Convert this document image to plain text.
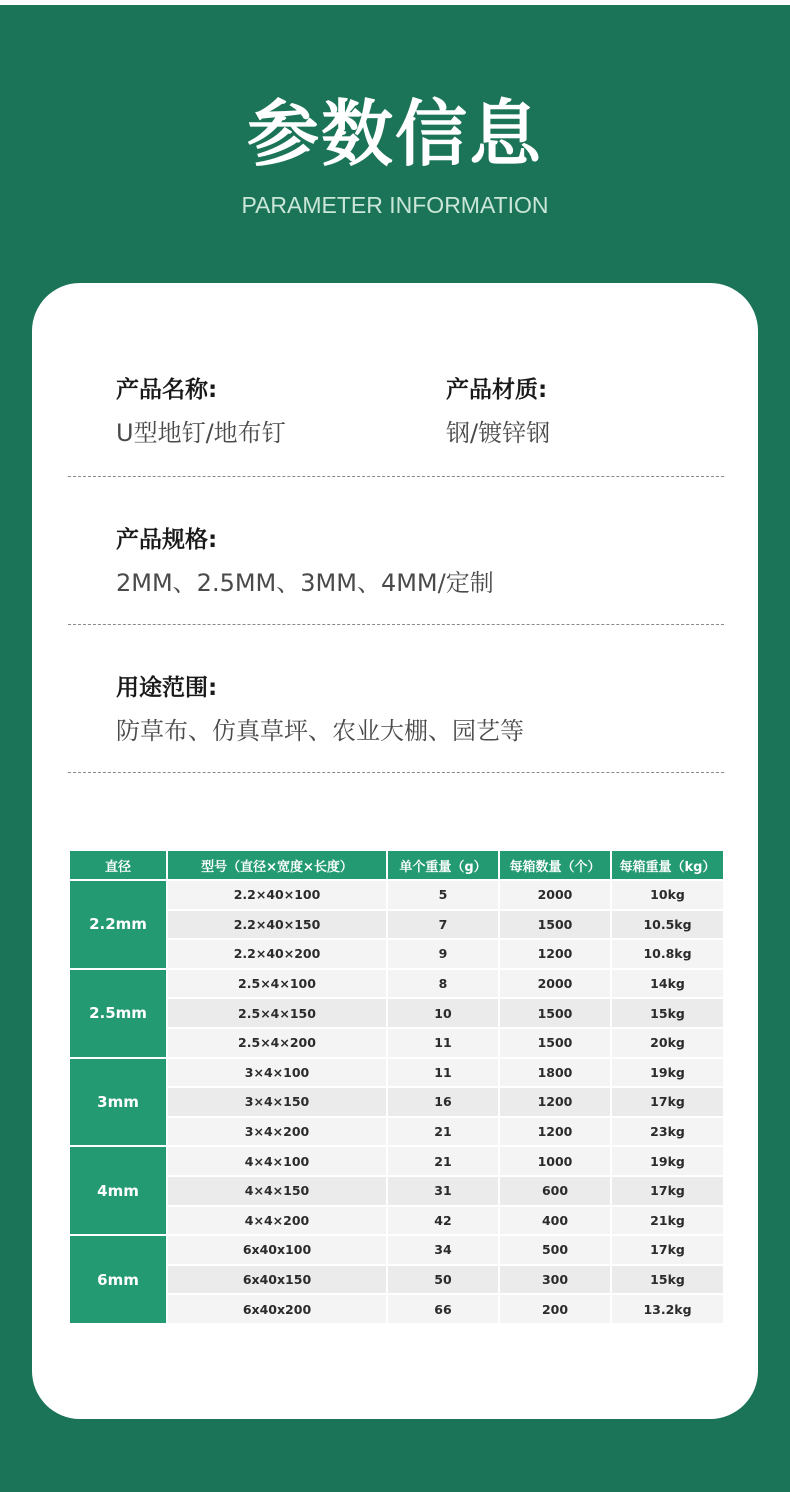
参数信息
PARAMETER INFORMATION
产品名称:
U型地钉/地布钉
产品材质:
钢/镀锌钢
产品规格:
2MM、2.5MM、3MM、4MM/定制
用途范围:
防草布、仿真草坪、农业大棚、园艺等
直径	型号（直径×宽度×长度）	单个重量（g）	每箱数量（个）	每箱重量（kg）
2.2mm	2.2×40×100	5	2000	10kg
	2.2×40×150	7	1500	10.5kg
	2.2×40×200	9	1200	10.8kg
2.5mm	2.5×4×100	8	2000	14kg
	2.5×4×150	10	1500	15kg
	2.5×4×200	11	1500	20kg
3mm	3×4×100	11	1800	19kg
	3×4×150	16	1200	17kg
	3×4×200	21	1200	23kg
4mm	4×4×100	21	1000	19kg
	4×4×150	31	600	17kg
	4×4×200	42	400	21kg
6mm	6x40x100	34	500	17kg
	6x40x150	50	300	15kg
	6x40x200	66	200	13.2kg
